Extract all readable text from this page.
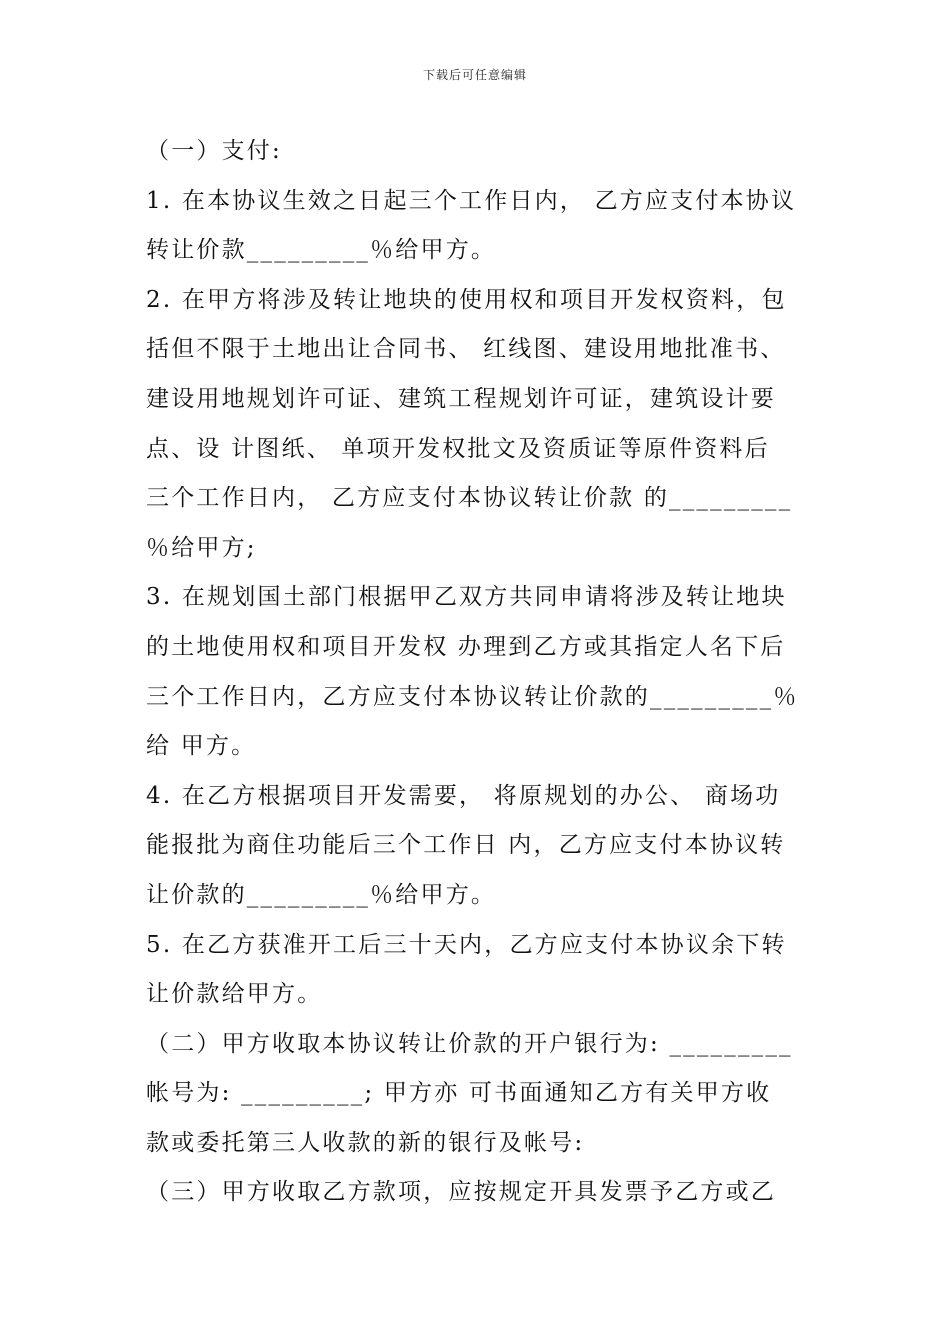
下载后可任意编辑
（一）支付:
1. 在本协议生效之日起三个工作日内， 乙方应支付本协议
转让价款_________％给甲方。
2. 在甲方将涉及转让地块的使用权和项目开发权资料，包
括但不限于土地出让合同书、 红线图、建设用地批准书、
建设用地规划许可证、建筑工程规划许可证，建筑设计要
点、设 计图纸、 单项开发权批文及资质证等原件资料后
三个工作日内， 乙方应支付本协议转让价款 的_________
％给甲方;
3. 在规划国土部门根据甲乙双方共同申请将涉及转让地块
的土地使用权和项目开发权 办理到乙方或其指定人名下后
三个工作日内，乙方应支付本协议转让价款的_________％
给 甲方。
4. 在乙方根据项目开发需要， 将原规划的办公、 商场功
能报批为商住功能后三个工作日 内，乙方应支付本协议转
让价款的_________％给甲方。
5. 在乙方获准开工后三十天内，乙方应支付本协议余下转
让价款给甲方。
（二）甲方收取本协议转让价款的开户银行为: _________
帐号为: _________; 甲方亦 可书面通知乙方有关甲方收
款或委托第三人收款的新的银行及帐号:
（三）甲方收取乙方款项，应按规定开具发票予乙方或乙
